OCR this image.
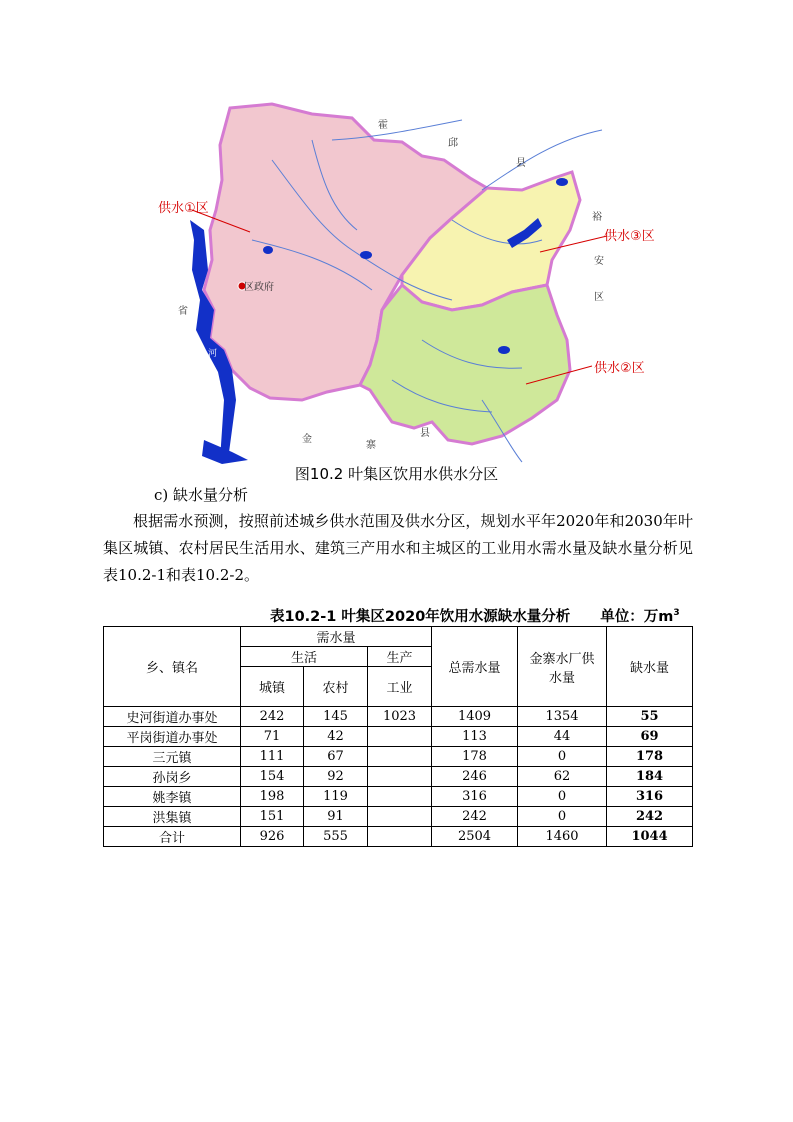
供水①区
供水③区
供水②区
区政府
霍
邱
县
裕
安
区
省
金
寨
县
河
图10.2 叶集区饮用水供水分区
c) 缺水量分析
根据需水预测，按照前述城乡供水范围及供水分区，规划水平年2020年和2030年叶集区城镇、农村居民生活用水、建筑三产用水和主城区的工业用水需水量及缺水量分析见表10.2-1和表10.2-2。
表10.2-1 叶集区2020年饮用水源缺水量分析 单位：万$m^3$
乡、镇名	需水量			总需水量	金寨水厂供水量	缺水量
	生活		生产			
	城镇	农村	工业			
史河街道办事处	242	145	1023	1409	1354	55
平岗街道办事处	71	42		113	44	69
三元镇	111	67		178	0	178
孙岗乡	154	92		246	62	184
姚李镇	198	119		316	0	316
洪集镇	151	91		242	0	242
合计	926	555		2504	1460	1044
